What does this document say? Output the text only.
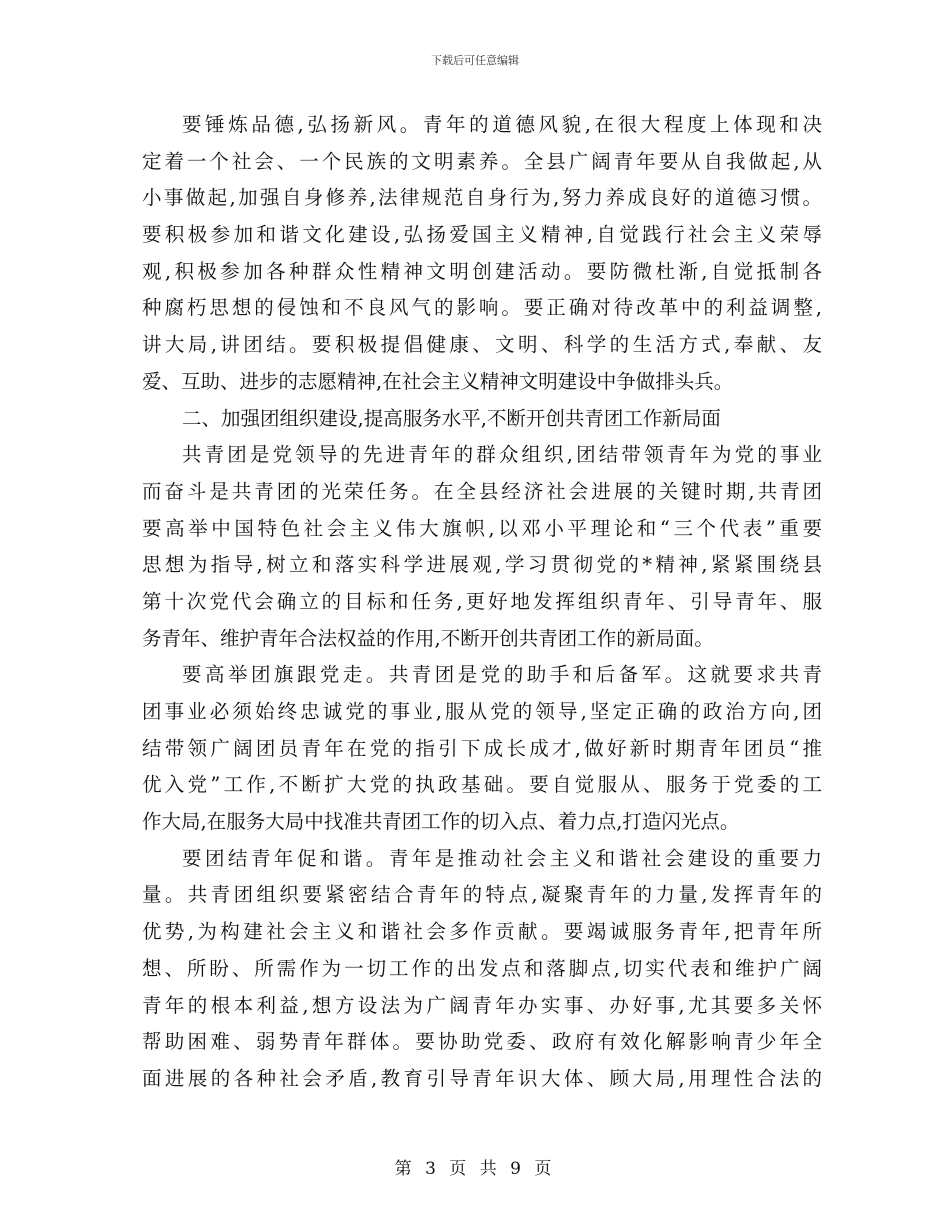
下载后可任意编辑
要锤炼品德,弘扬新风。青年的道德风貌,在很大程度上体现和决
定着一个社会、一个民族的文明素养。全县广阔青年要从自我做起,从
小事做起,加强自身修养,法律规范自身行为,努力养成良好的道德习惯。
要积极参加和谐文化建设,弘扬爱国主义精神,自觉践行社会主义荣辱
观,积极参加各种群众性精神文明创建活动。要防微杜渐,自觉抵制各
种腐朽思想的侵蚀和不良风气的影响。要正确对待改革中的利益调整,
讲大局,讲团结。要积极提倡健康、文明、科学的生活方式,奉献、友
爱、互助、进步的志愿精神,在社会主义精神文明建设中争做排头兵。
二、加强团组织建设,提高服务水平,不断开创共青团工作新局面
共青团是党领导的先进青年的群众组织,团结带领青年为党的事业
而奋斗是共青团的光荣任务。在全县经济社会进展的关键时期,共青团
要高举中国特色社会主义伟大旗帜,以邓小平理论和“三个代表”重要
思想为指导,树立和落实科学进展观,学习贯彻党的*精神,紧紧围绕县
第十次党代会确立的目标和任务,更好地发挥组织青年、引导青年、服
务青年、维护青年合法权益的作用,不断开创共青团工作的新局面。
要高举团旗跟党走。共青团是党的助手和后备军。这就要求共青
团事业必须始终忠诚党的事业,服从党的领导,坚定正确的政治方向,团
结带领广阔团员青年在党的指引下成长成才,做好新时期青年团员“推
优入党”工作,不断扩大党的执政基础。要自觉服从、服务于党委的工
作大局,在服务大局中找准共青团工作的切入点、着力点,打造闪光点。
要团结青年促和谐。青年是推动社会主义和谐社会建设的重要力
量。共青团组织要紧密结合青年的特点,凝聚青年的力量,发挥青年的
优势,为构建社会主义和谐社会多作贡献。要竭诚服务青年,把青年所
想、所盼、所需作为一切工作的出发点和落脚点,切实代表和维护广阔
青年的根本利益,想方设法为广阔青年办实事、办好事,尤其要多关怀
帮助困难、弱势青年群体。要协助党委、政府有效化解影响青少年全
面进展的各种社会矛盾,教育引导青年识大体、顾大局,用理性合法的
第 3 页 共 9 页
